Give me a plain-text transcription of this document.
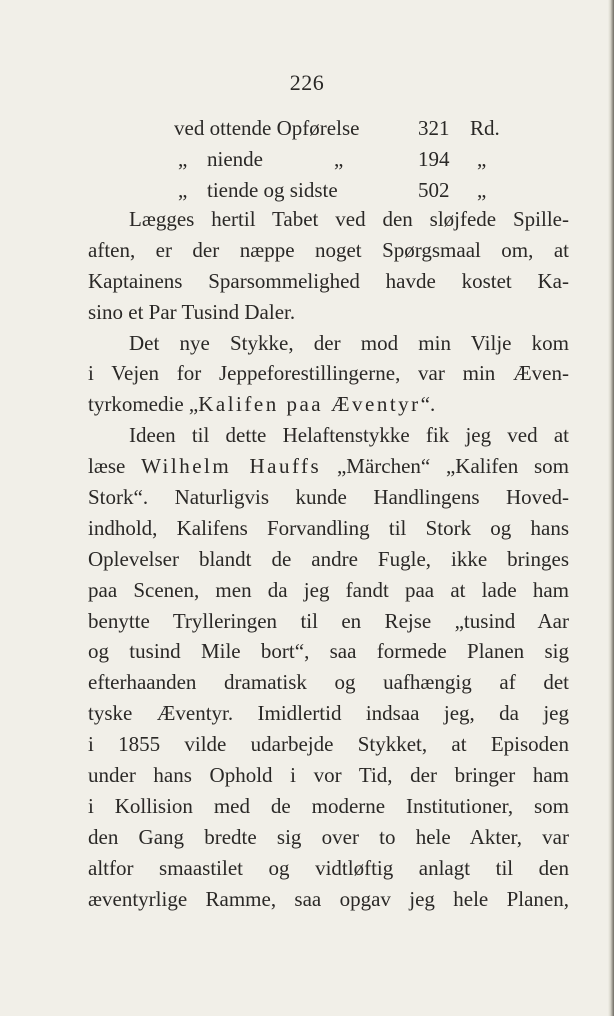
226
ved ottende Opførelse	321 Rd.
„ niende	„	194 „
„ tiende og sidste	502 „
Lægges hertil Tabet ved den sløjfede Spille-
aften, er der næppe noget Spørgsmaal om, at
Kaptainens Sparsommelighed havde kostet Ka-
sino et Par Tusind Daler.
Det nye Stykke, der mod min Vilje kom
i Vejen for Jeppeforestillingerne, var min Æven-
tyrkomedie „Kalifen paa Æventyr“.
Ideen til dette Helaftenstykke fik jeg ved at
læse Wilhelm Hauffs „Märchen“ „Kalifen som
Stork“. Naturligvis kunde Handlingens Hoved-
indhold, Kalifens Forvandling til Stork og hans
Oplevelser blandt de andre Fugle, ikke bringes
paa Scenen, men da jeg fandt paa at lade ham
benytte Trylleringen til en Rejse „tusind Aar
og tusind Mile bort“, saa formede Planen sig
efterhaanden dramatisk og uafhængig af det
tyske Æventyr. Imidlertid indsaa jeg, da jeg
i 1855 vilde udarbejde Stykket, at Episoden
under hans Ophold i vor Tid, der bringer ham
i Kollision med de moderne Institutioner, som
den Gang bredte sig over to hele Akter, var
altfor smaastilet og vidtløftig anlagt til den
æventyrlige Ramme, saa opgav jeg hele Planen,
